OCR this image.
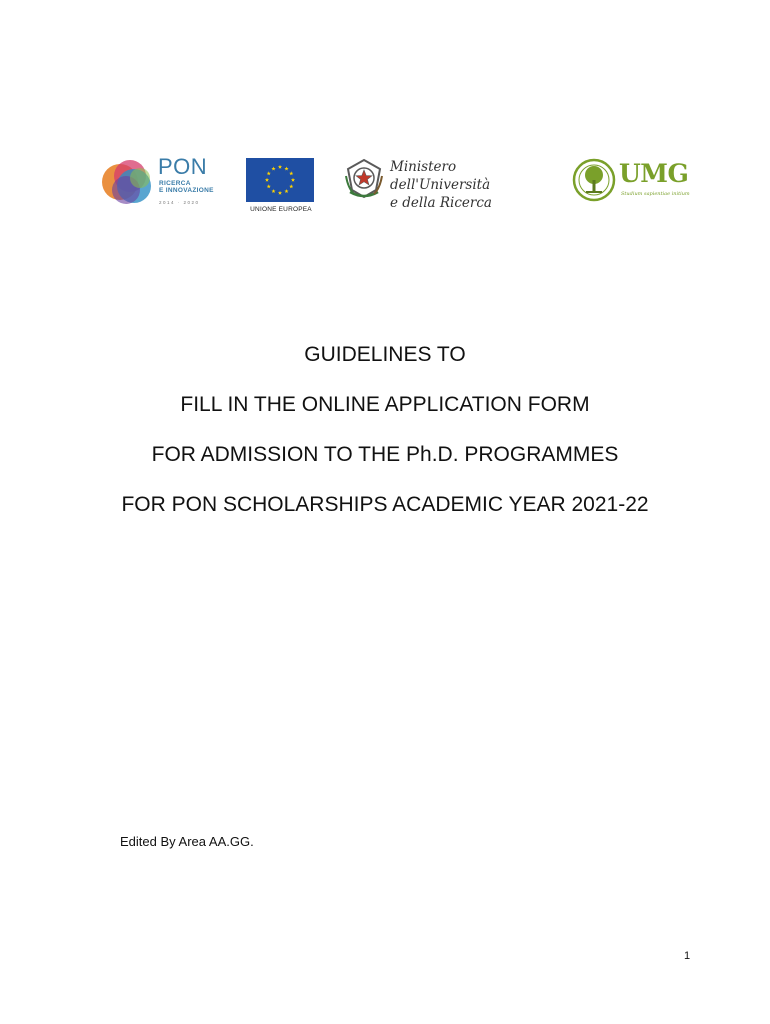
PON
RICERCA
E INNOVAZIONE
2014 · 2020
UNIONE EUROPEA
Ministero dell'Università
e della Ricerca
UMG
Studium sapientiae initium

GUIDELINES TO

FILL IN THE ONLINE APPLICATION FORM

FOR ADMISSION TO THE Ph.D. PROGRAMMES

FOR PON SCHOLARSHIPS ACADEMIC YEAR 2021-22

Edited By Area AA.GG.
1
